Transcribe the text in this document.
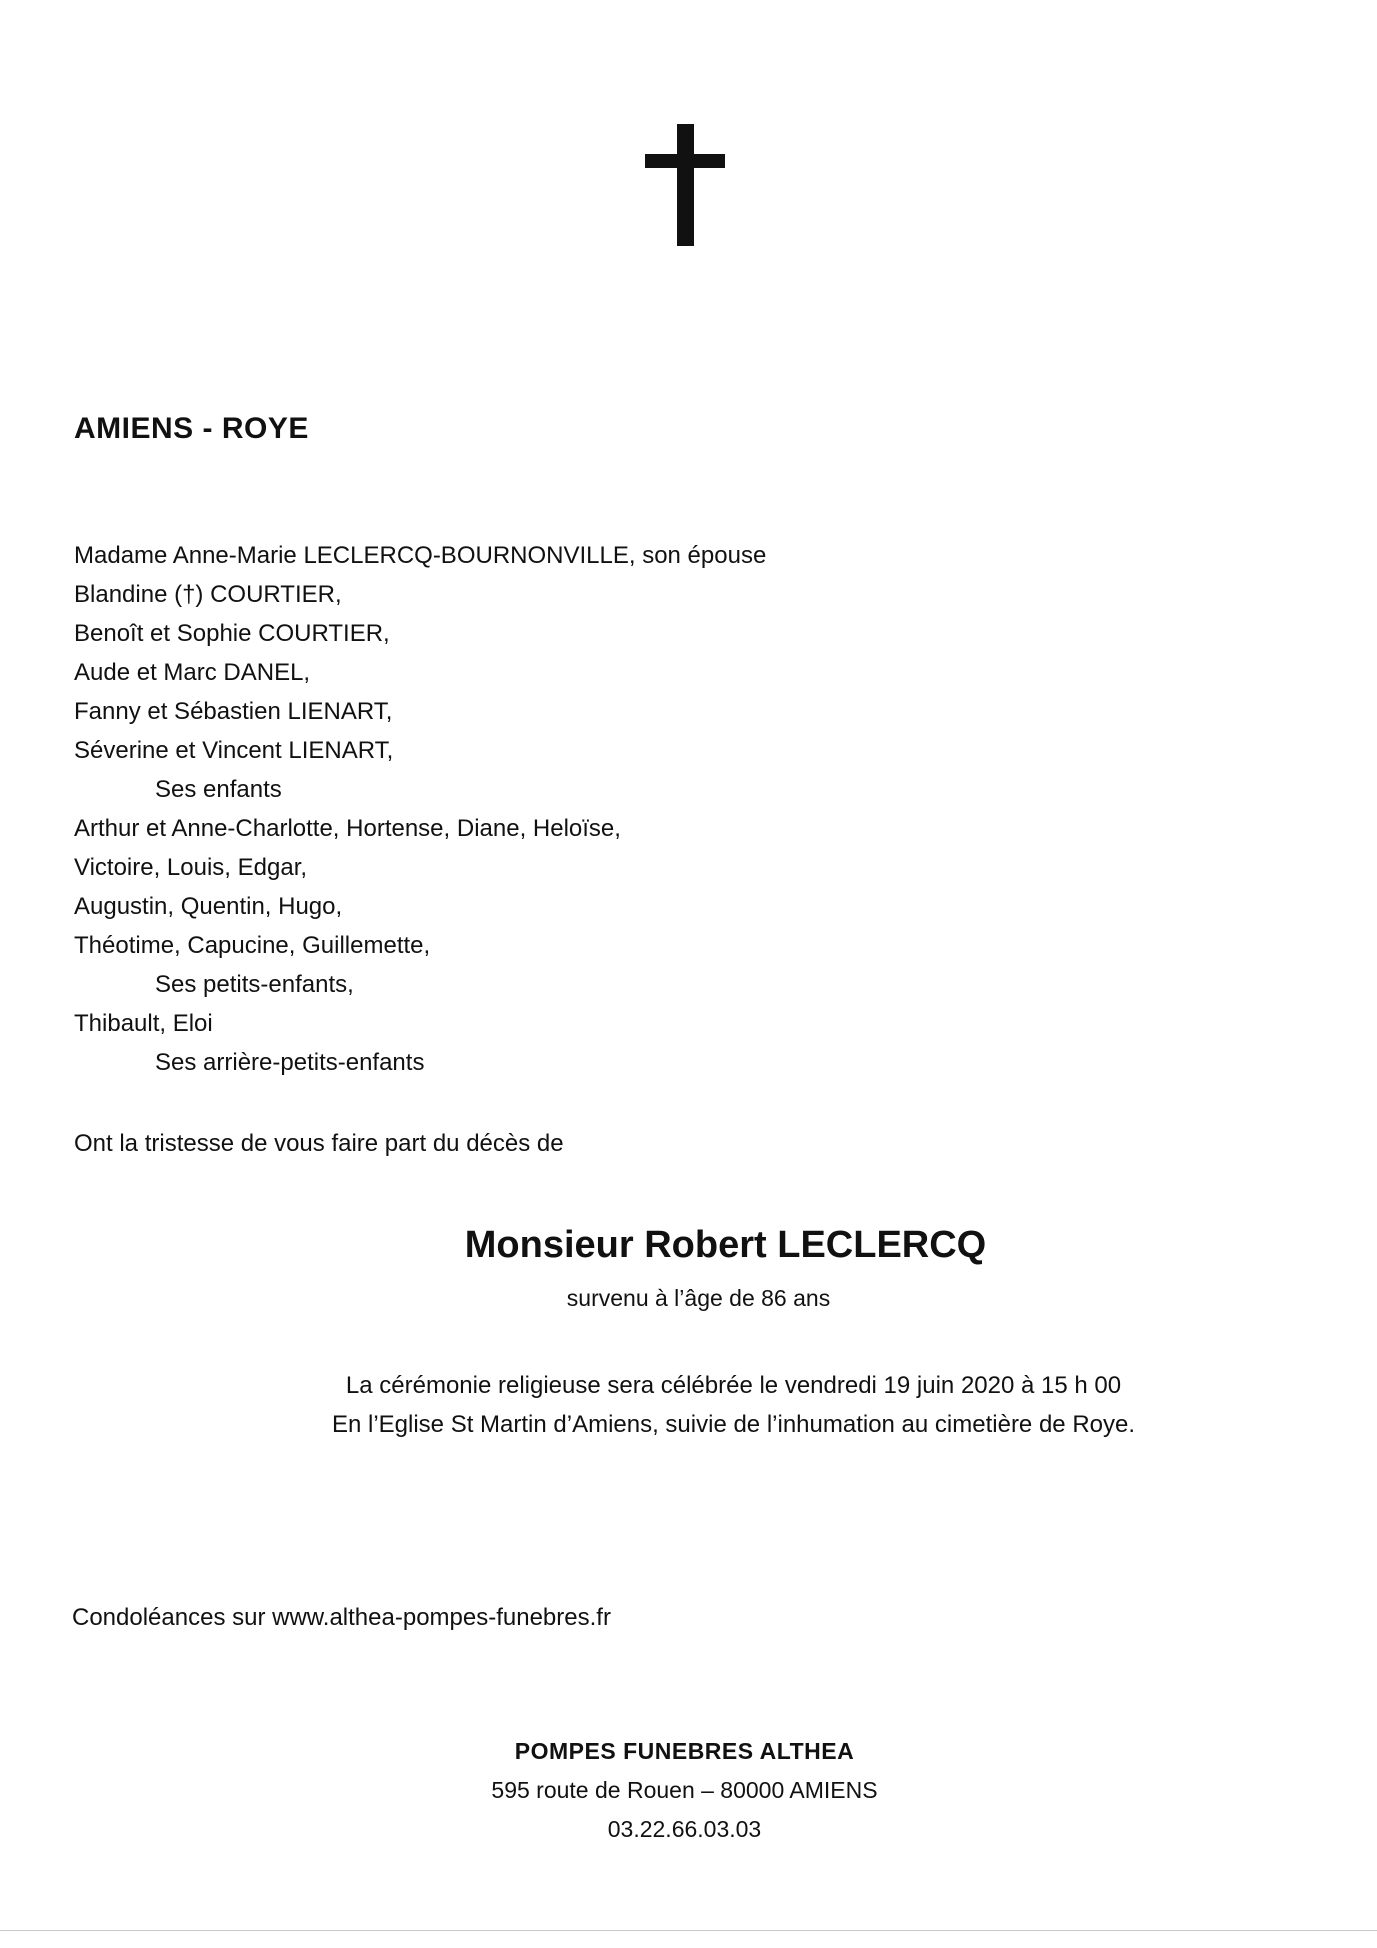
AMIENS - ROYE
Madame Anne-Marie LECLERCQ-BOURNONVILLE, son épouse
Blandine (†) COURTIER,
Benoît et Sophie COURTIER,
Aude et Marc DANEL,
Fanny et Sébastien LIENART,
Séverine et Vincent LIENART,
Ses enfants
Arthur et Anne-Charlotte, Hortense, Diane, Heloïse,
Victoire, Louis, Edgar,
Augustin, Quentin, Hugo,
Théotime, Capucine, Guillemette,
Ses petits-enfants,
Thibault, Eloi
Ses arrière-petits-enfants
Ont la tristesse de vous faire part du décès de
Monsieur Robert LECLERCQ
survenu à l’âge de 86 ans
La cérémonie religieuse sera célébrée le vendredi 19 juin 2020 à 15 h 00
En l’Eglise St Martin d’Amiens, suivie de l’inhumation au cimetière de Roye.
Condoléances sur www.althea-pompes-funebres.fr
POMPES FUNEBRES ALTHEA
595 route de Rouen – 80000 AMIENS
03.22.66.03.03
